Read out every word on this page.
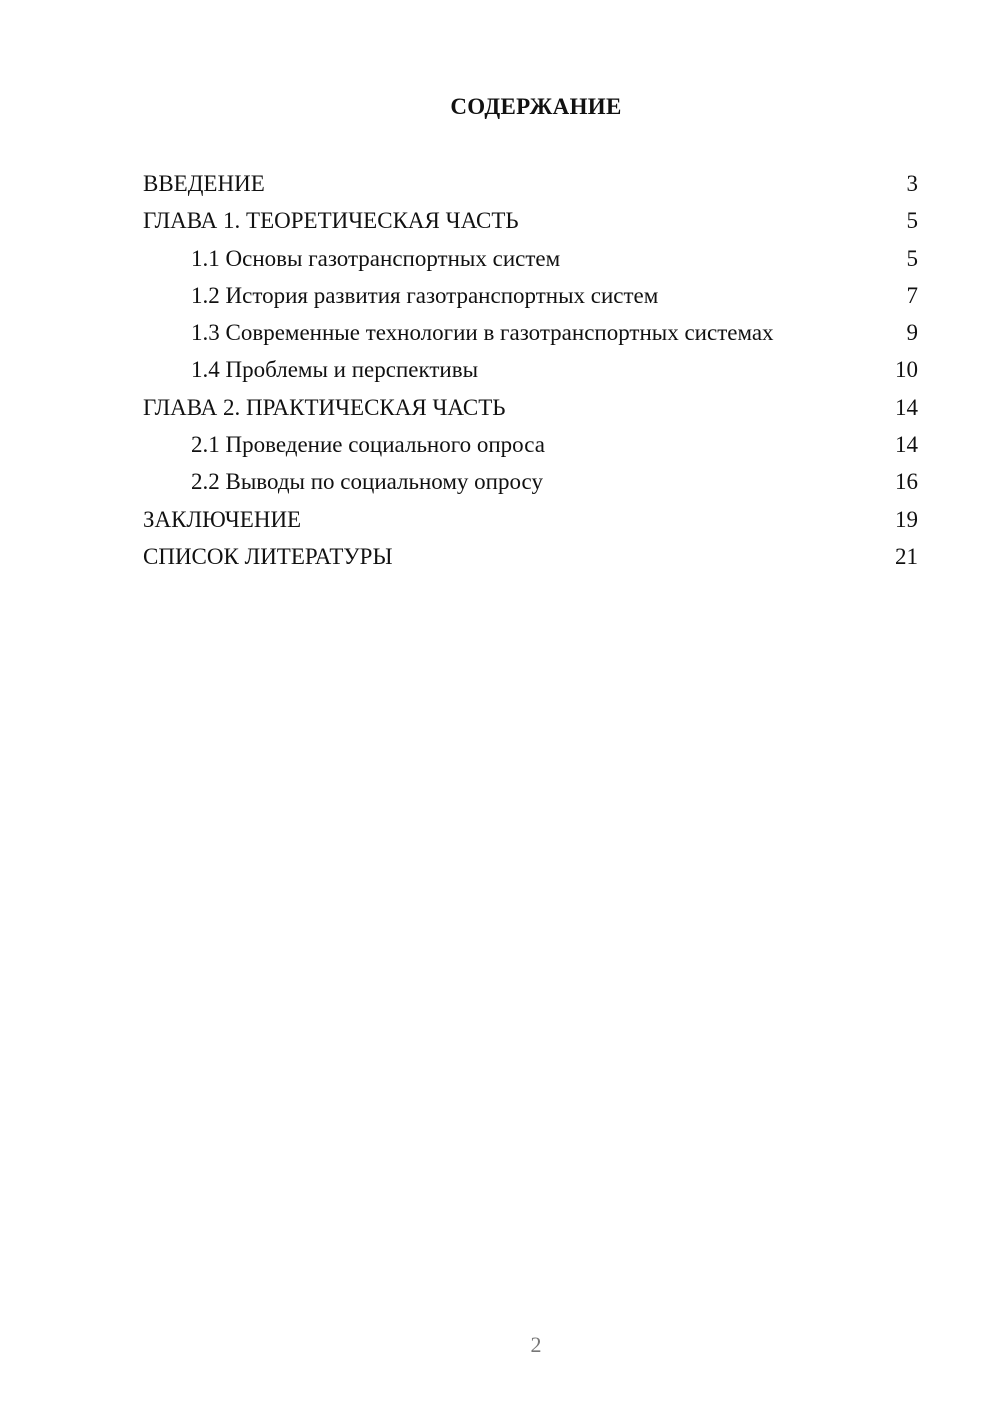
СОДЕРЖАНИЕ
ВВЕДЕНИЕ	3
ГЛАВА 1. ТЕОРЕТИЧЕСКАЯ ЧАСТЬ	5
1.1 Основы газотранспортных систем	5
1.2 История развития газотранспортных систем	7
1.3 Современные технологии в газотранспортных системах	9
1.4 Проблемы и перспективы	10
ГЛАВА 2. ПРАКТИЧЕСКАЯ ЧАСТЬ	14
2.1 Проведение социального опроса	14
2.2 Выводы по социальному опросу	16
ЗАКЛЮЧЕНИЕ	19
СПИСОК ЛИТЕРАТУРЫ	21
2
